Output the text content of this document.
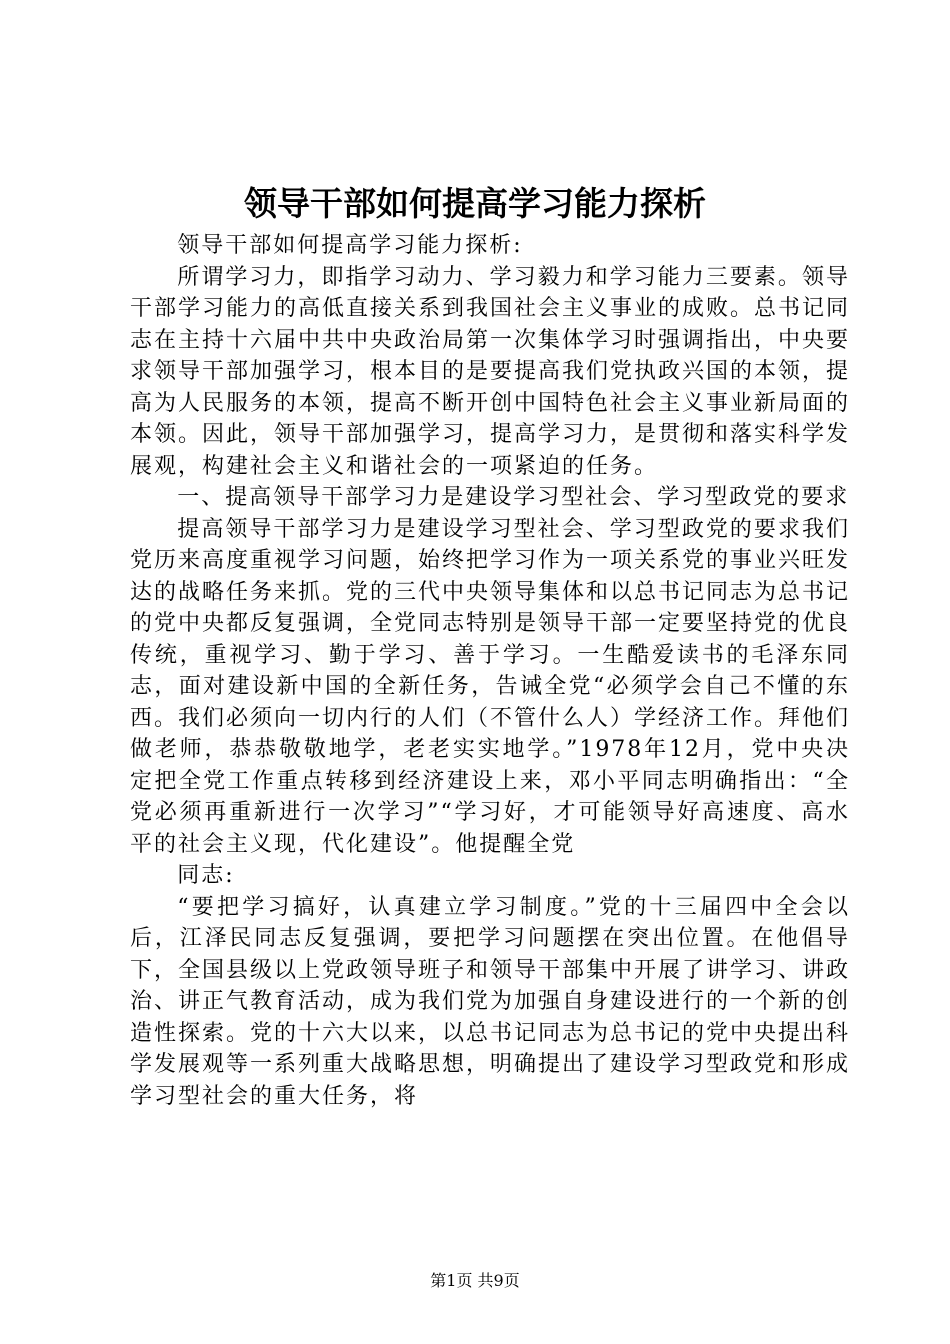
领导干部如何提高学习能力探析

领导干部如何提高学习能力探析:

所谓学习力，即指学习动力、学习毅力和学习能力三要素。领导干部学习能力的高低直接关系到我国社会主义事业的成败。总书记同志在主持十六届中共中央政治局第一次集体学习时强调指出，中央要求领导干部加强学习，根本目的是要提高我们党执政兴国的本领，提高为人民服务的本领，提高不断开创中国特色社会主义事业新局面的本领。因此，领导干部加强学习，提高学习力，是贯彻和落实科学发展观，构建社会主义和谐社会的一项紧迫的任务。

一、提高领导干部学习力是建设学习型社会、学习型政党的要求

提高领导干部学习力是建设学习型社会、学习型政党的要求我们党历来高度重视学习问题，始终把学习作为一项关系党的事业兴旺发达的战略任务来抓。党的三代中央领导集体和以总书记同志为总书记的党中央都反复强调，全党同志特别是领导干部一定要坚持党的优良传统，重视学习、勤于学习、善于学习。一生酷爱读书的毛泽东同志，面对建设新中国的全新任务，告诫全党“必须学会自己不懂的东西。我们必须向一切内行的人们（不管什么人）学经济工作。拜他们做老师，恭恭敬敬地学，老老实实地学。”1978年12月，党中央决定把全党工作重点转移到经济建设上来，邓小平同志明确指出：“全党必须再重新进行一次学习”“学习好，才可能领导好高速度、高水平的社会主义现，代化建设”。他提醒全党

同志:

“要把学习搞好，认真建立学习制度。”党的十三届四中全会以后，江泽民同志反复强调，要把学习问题摆在突出位置。在他倡导下，全国县级以上党政领导班子和领导干部集中开展了讲学习、讲政治、讲正气教育活动，成为我们党为加强自身建设进行的一个新的创造性探索。党的十六大以来，以总书记同志为总书记的党中央提出科学发展观等一系列重大战略思想，明确提出了建设学习型政党和形成学习型社会的重大任务，将

第1页 共9页
